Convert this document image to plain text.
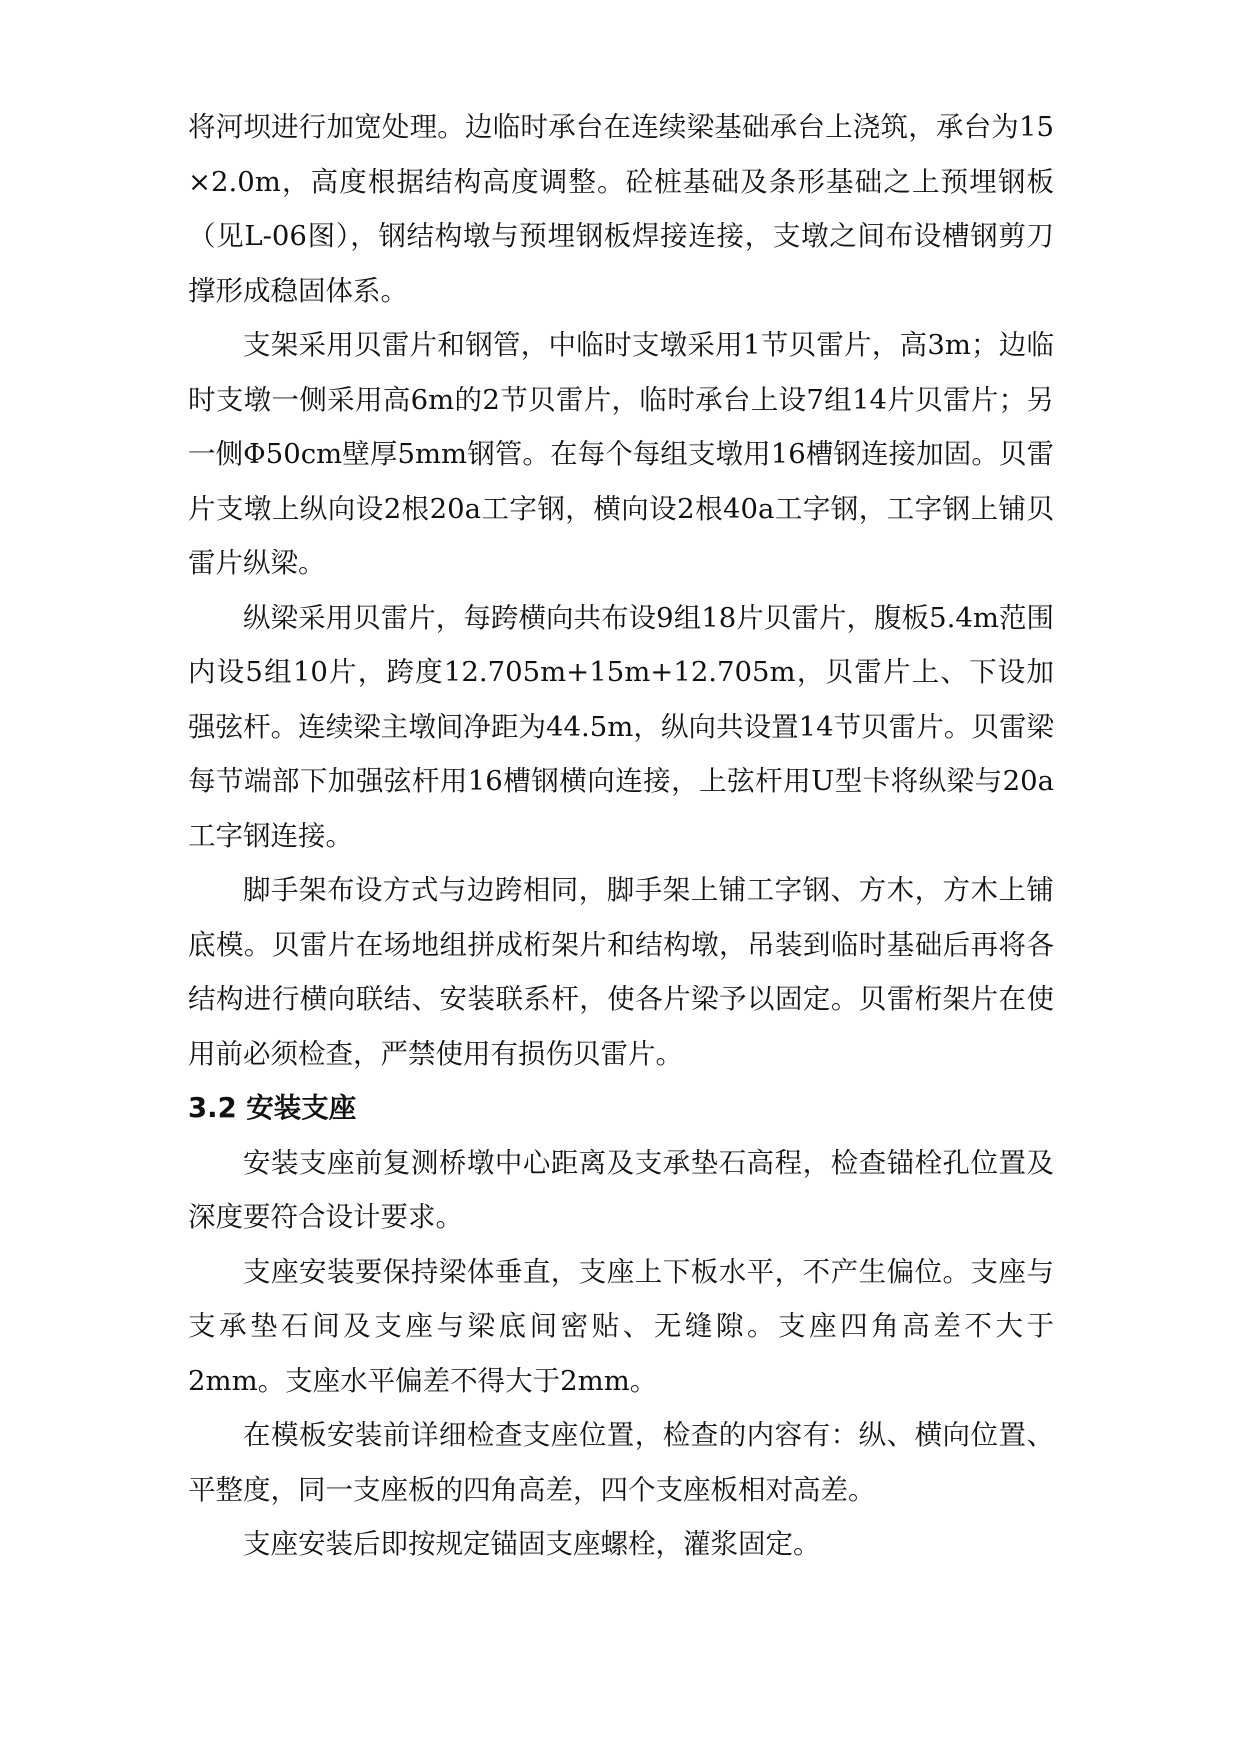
将河坝进行加宽处理。边临时承台在连续梁基础承台上浇筑，承台为15 ×2.0m，高度根据结构高度调整。砼桩基础及条形基础之上预埋钢板（见L-06图），钢结构墩与预埋钢板焊接连接，支墩之间布设槽钢剪刀撑形成稳固体系。

支架采用贝雷片和钢管，中临时支墩采用1节贝雷片，高3m；边临时支墩一侧采用高6m的2节贝雷片，临时承台上设7组14片贝雷片；另一侧Φ50cm壁厚5mm钢管。在每个每组支墩用16槽钢连接加固。贝雷片支墩上纵向设2根20a工字钢，横向设2根40a工字钢，工字钢上铺贝雷片纵梁。

纵梁采用贝雷片，每跨横向共布设9组18片贝雷片，腹板5.4m范围内设5组10片，跨度12.705m+15m+12.705m，贝雷片上、下设加强弦杆。连续梁主墩间净距为44.5m，纵向共设置14节贝雷片。贝雷梁每节端部下加强弦杆用16槽钢横向连接，上弦杆用U型卡将纵梁与20a工字钢连接。

脚手架布设方式与边跨相同，脚手架上铺工字钢、方木，方木上铺底模。贝雷片在场地组拼成桁架片和结构墩，吊装到临时基础后再将各结构进行横向联结、安装联系杆，使各片梁予以固定。贝雷桁架片在使用前必须检查，严禁使用有损伤贝雷片。

3.2 安装支座

安装支座前复测桥墩中心距离及支承垫石高程，检查锚栓孔位置及深度要符合设计要求。

支座安装要保持梁体垂直，支座上下板水平，不产生偏位。支座与支承垫石间及支座与梁底间密贴、无缝隙。支座四角高差不大于2mm。支座水平偏差不得大于2mm。

在模板安装前详细检查支座位置，检查的内容有：纵、横向位置、平整度，同一支座板的四角高差，四个支座板相对高差。

支座安装后即按规定锚固支座螺栓，灌浆固定。
